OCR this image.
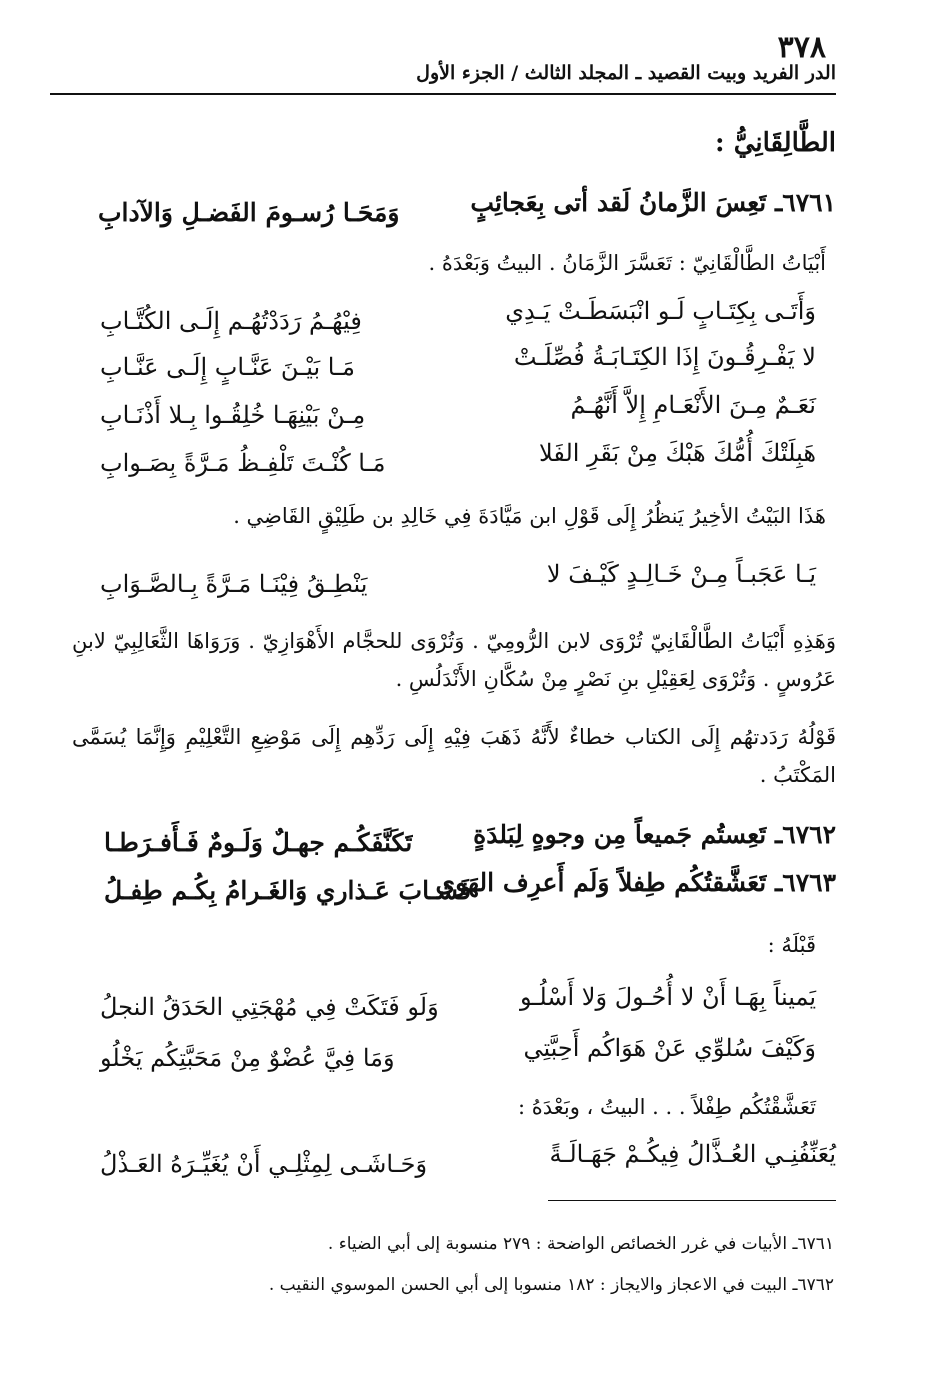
٣٧٨
الدر الفريد وبيت القصيد ـ المجلد الثالث / الجزء الأول
الطَّالِقَانِيُّ :
٦٧٦١ـ تَعِسَ الزَّمانُ لَقد أتى بِعَجائِبٍ
وَمَحَـا رُسـومَ الفَضـلِ وَالآدابِ
أَبْيَاتُ الطَّالْقَانِيّ : تَعَسَّرَ الزَّمَانُ . البيتُ وَبَعْدَهُ .
وَأَتَـى بِكِتَـابٍ لَـو انْبَسَطَـتْ يَـدِي
فِيْهُـمُ رَدَدْتُهُـم إِلَـى الكُتَّـابِ
لا يَفْـرِقُـونَ إِذَا الكِتَـابَـةُ فُصِّلَـتْ
مَـا بَيْـنَ عَنَّـابٍ إِلَـى عَنَّـابِ
نَعَـمٌ مِـنَ الأَنْعَـامِ إِلاَّ أَنَّهُـمُ
مِـنْ بَيْنِهَـا خُلِقُـوا بِـلا أَذْنَـابِ
هَبِلَتْكَ أُمُّكَ هَبْكَ مِنْ بَقَرِ الفَلا
مَـا كُنْـتَ تَلْفِـظُ مَـرَّةً بِصَـوابِ
هَذَا البَيْتُ الأخِيرُ يَنظُرُ إِلَى قَوْلِ ابن مَيَّادَةَ فِي خَالِدِ بن طَلِيْقٍ القَاضِي .
يَـا عَجَبـاً مِـنْ خَـالِـدٍ كَيْـفَ لا
يَنْطِـقُ فِيْنَـا مَـرَّةً بِـالصَّـوَابِ
وَهَذِهِ أَبْيَاتُ الطَّالْقَانِيّ تُرْوَى لابن الرُّومِيّ . وَتُرْوَى للحجَّام الأَهْوَازِيّ . وَرَوَاهَا الثَّعَالِبِيّ لابنِ عَرُوسٍ . وَتُرْوَى لِعَقِيْلِ بنِ نَصْرٍ مِنْ سُكَّانِ الأَنْدَلُسِ .
قَوْلُهُ رَدَدتهُم إِلَى الكتاب خطاءٌ لأَنَّهُ ذَهَبَ فِيْهِ إِلَى رَدِّهِم إِلَى مَوْضِعِ التَّعْلِيْمِ وَإِنَّمَا يُسَمَّى المَكْتَبُ .
٦٧٦٢ـ تَعِستُم جَميعاً مِن وجوهٍ لِبَلدَةٍ
تَكَنَّفَكُـم جهـلٌ وَلَـومٌ فَـأَفـرَطـا
٦٧٦٣ـ تَعَشَّقتُكُم طِفلاً وَلَم أَعرِف الهَوى
فَشـابَ عَـذاري وَالغَـرامُ بِكُـم طِفـلُ
قَبْلَهُ :
يَميناً بِهَـا أَنْ لا أُحُـولَ وَلا أَسْلُـو
وَلَو فَتَكَتْ فِي مُهْجَتِي الحَدَقُ النجلُ
وَكَيْفَ سُلوِّي عَنْ هَوَاكُم أَحِبَّتِي
وَمَا فِيَّ عُضْوٌ مِنْ مَحَبَّتِكُم يَخْلُو
تَعَشَّقْتُكُم طِفْلاً . . . البيتُ ، وبَعْدَهُ :
يُعَنِّفُنِـي العُـذَّالُ فِيكُـمْ جَهَـالَـةً
وَحَـاشَـى لِمِثْلِـي أَنْ يُغَيِّـرَهُ العَـذْلُ
٦٧٦١ـ الأبيات في غرر الخصائص الواضحة : ٢٧٩ منسوبة إلى أبي الضياء .
٦٧٦٢ـ البيت في الاعجاز والايجاز : ١٨٢ منسوبا إلى أبي الحسن الموسوي النقيب .
